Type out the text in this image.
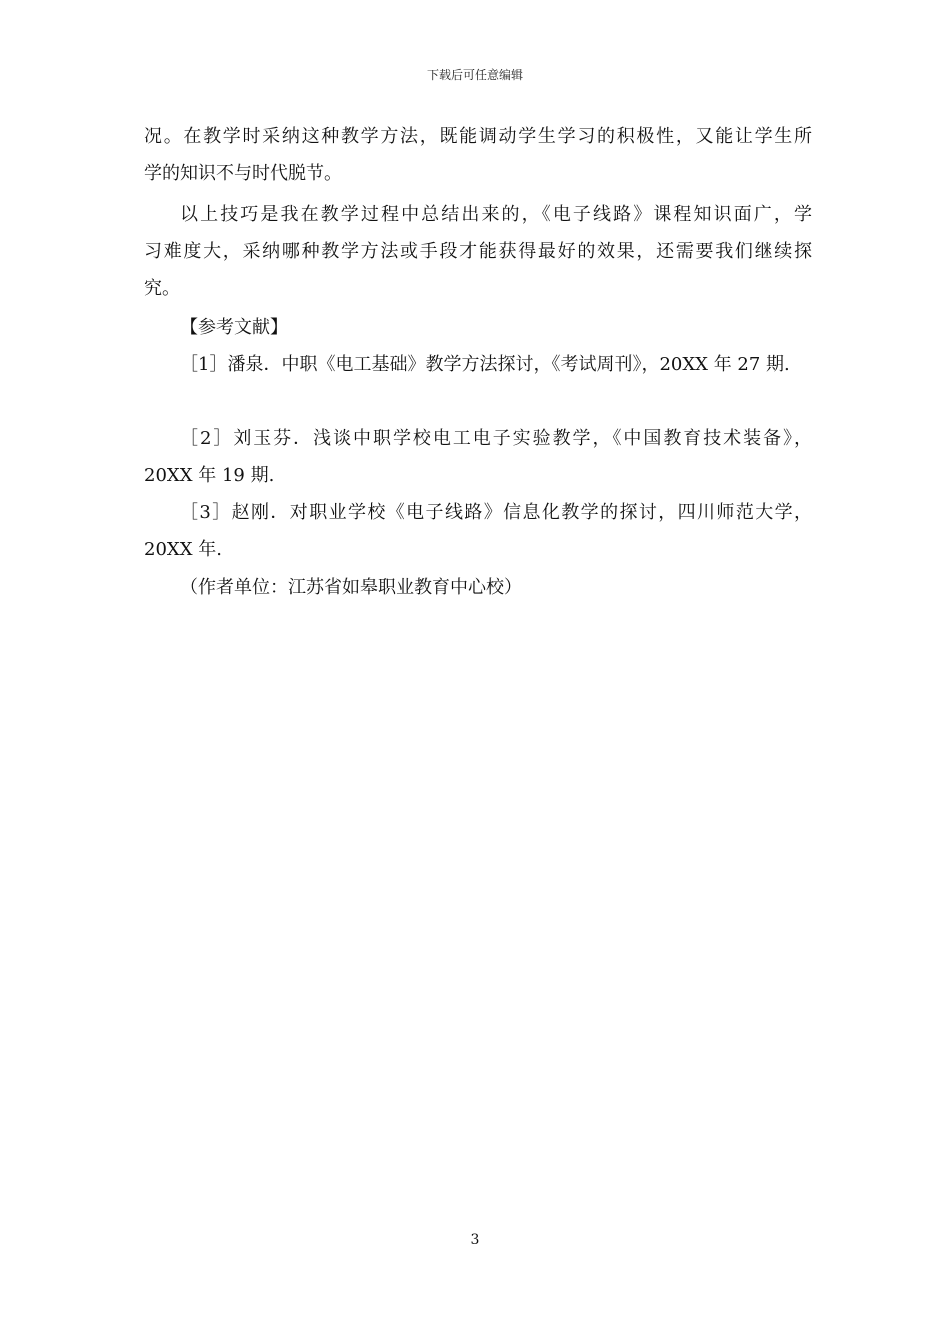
下载后可任意编辑
况。在教学时采纳这种教学方法，既能调动学生学习的积极性，又能让学生所
学的知识不与时代脱节。
以上技巧是我在教学过程中总结出来的，《电子线路》课程知识面广，学
习难度大，采纳哪种教学方法或手段才能获得最好的效果，还需要我们继续探
究。
【参考文献】
［1］潘泉．中职《电工基础》教学方法探讨，《考试周刊》，20XX 年 27 期.
［2］刘玉芬．浅谈中职学校电工电子实验教学，《中国教育技术装备》，
20XX 年 19 期.
［3］赵刚．对职业学校《电子线路》信息化教学的探讨，四川师范大学，
20XX 年.
（作者单位：江苏省如皋职业教育中心校）
3
